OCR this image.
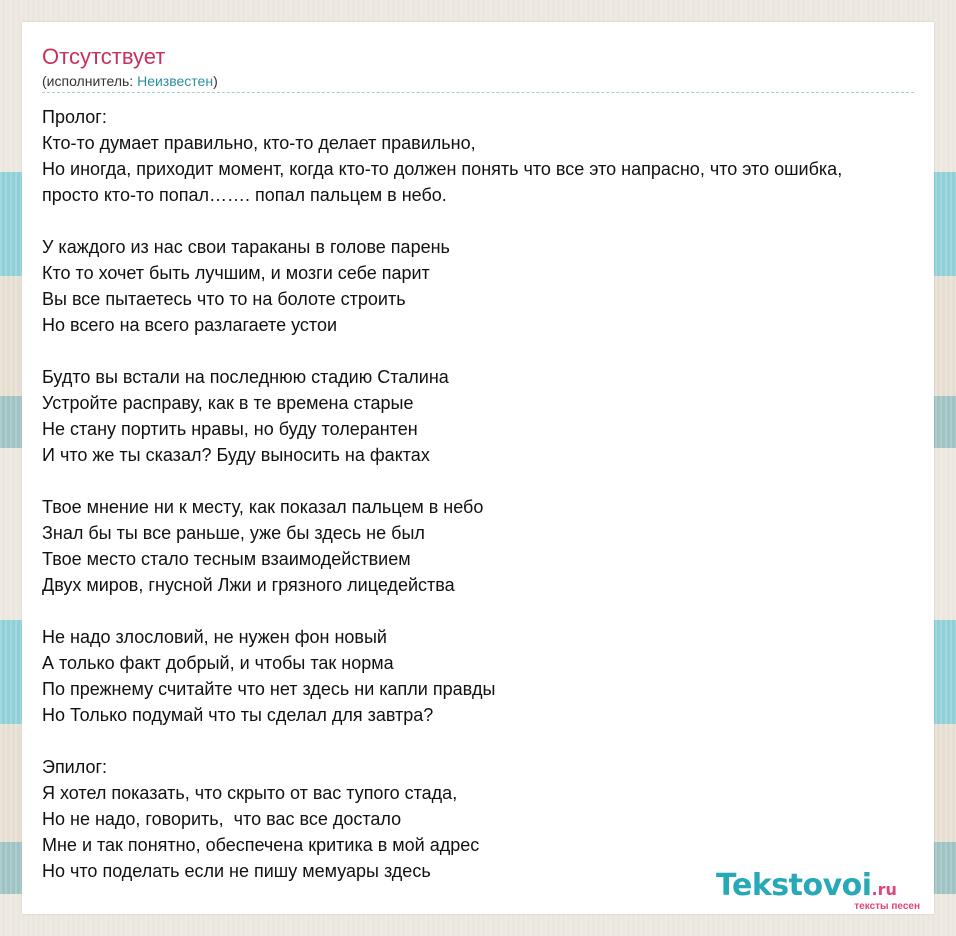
Отсутствует
(исполнитель: Неизвестен)
Пролог:
Кто-то думает правильно, кто-то делает правильно,
Но иногда, приходит момент, когда кто-то должен понять что все это напрасно, что это ошибка,
просто кто-то попал……. попал пальцем в небо.

У каждого из нас свои тараканы в голове парень
Кто то хочет быть лучшим, и мозги себе парит
Вы все пытаетесь что то на болоте строить
Но всего на всего разлагаете устои

Будто вы встали на последнюю стадию Сталина
Устройте расправу, как в те времена старые
Не стану портить нравы, но буду толерантен
И что же ты сказал? Буду выносить на фактах

Твое мнение ни к месту, как показал пальцем в небо
Знал бы ты все раньше, уже бы здесь не был
Твое место стало тесным взаимодействием
Двух миров, гнусной Лжи и грязного лицедейства

Не надо злословий, не нужен фон новый
А только факт добрый, и чтобы так норма
По прежнему считайте что нет здесь ни капли правды
Но Только подумай что ты сделал для завтра?

Эпилог:
Я хотел показать, что скрыто от вас тупого стада,
Но не надо, говорить,  что вас все достало
Мне и так понятно, обеспечена критика в мой адрес
Но что поделать если не пишу мемуары здесь	Tekstovoi.ru
тексты песен
